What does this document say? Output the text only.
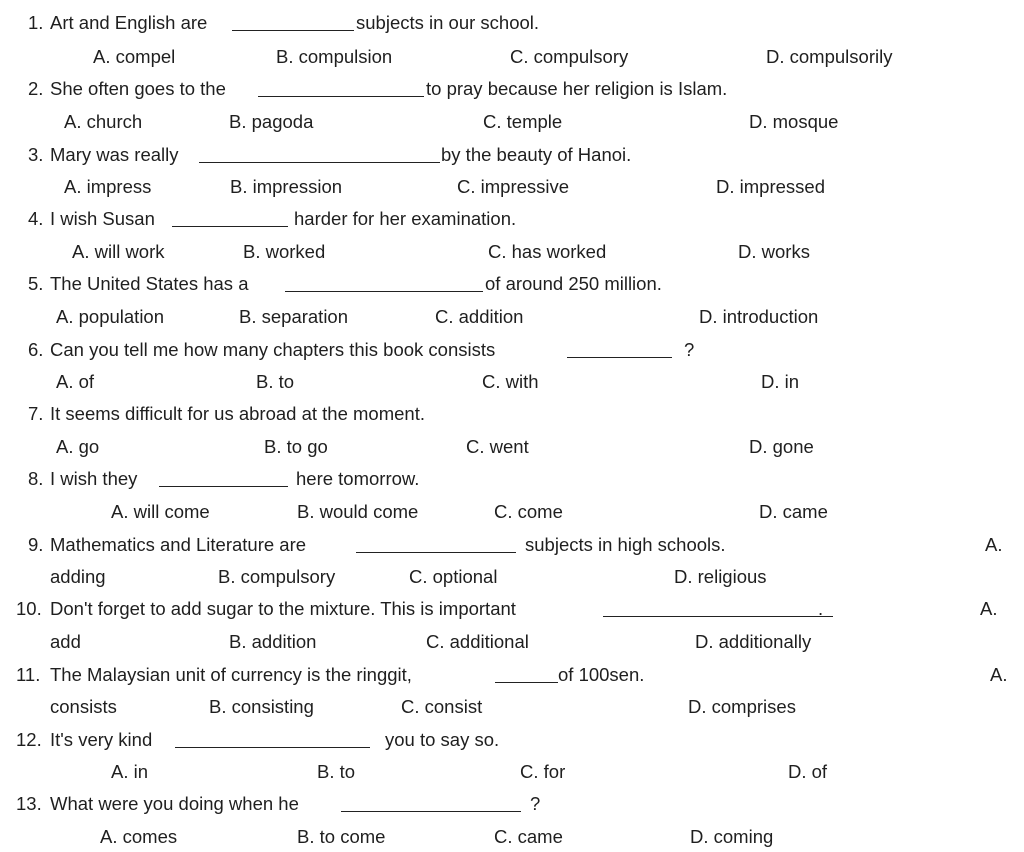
1. Art and English are	subjects in our school.
A. compel	B. compulsion	C. compulsory	D. compulsorily
2. She often goes to the	to pray because her religion is Islam.
A. church	B. pagoda	C. temple	D. mosque
3. Mary was really	by the beauty of Hanoi.
A. impress	B. impression	C. impressive	D. impressed
4. I wish Susan	harder for her examination.
A. will work	B. worked	C. has worked	D. works
5. The United States has a	of around 250 million.
A. population	B. separation	C. addition	D. introduction
6. Can you tell me how many chapters this book consists	?
A. of	B. to	C. with	D. in
7. It seems difficult for us abroad at the moment.
A. go	B. to go	C. went	D. gone
8. I wish they	here tomorrow.
A. will come	B. would come	C. come	D. came
9. Mathematics and Literature are	subjects in high schools.	A.
adding	B. compulsory	C. optional	D. religious
10. Don't forget to add sugar to the mixture. This is important	.	A.
add	B. addition	C. additional	D. additionally
11. The Malaysian unit of currency is the ringgit,	of 100sen.	A.
consists	B. consisting	C. consist	D. comprises
12. It's very kind	you to say so.
A. in	B. to	C. for	D. of
13. What were you doing when he	?
A. comes	B. to come	C. came	D. coming
